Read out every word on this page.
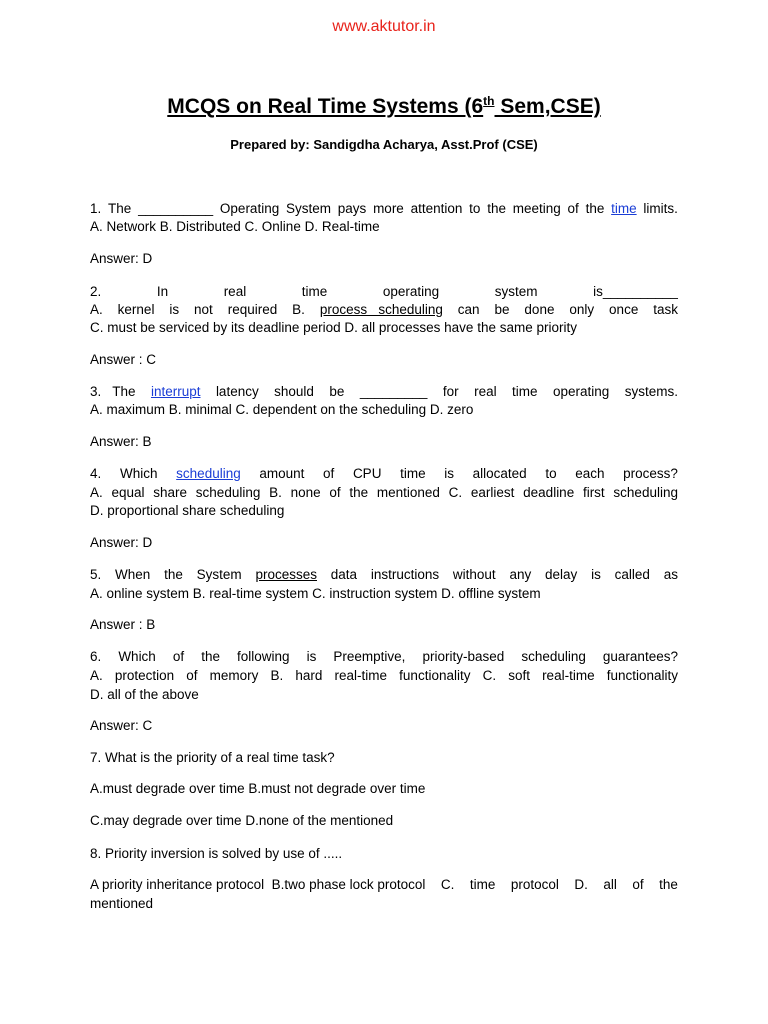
www.aktutor.in
MCQS on Real Time Systems (6th Sem,CSE)
Prepared by: Sandigdha Acharya, Asst.Prof (CSE)
1. The __________ Operating System pays more attention to the meeting of the time limits.
A. Network B. Distributed C. Online D. Real-time
Answer: D
2.	In	real	time	operating	system	is__________
A. kernel is not required B. process   scheduling can be done only once task
C. must be serviced by its deadline period D. all processes have the same priority
Answer : C
3.   The interrupt latency should be _________ for real time operating systems.
A. maximum B. minimal C. dependent on the scheduling D. zero
Answer: B
4.     Which scheduling amount of CPU time is allocated to each process?
A. equal share scheduling B. none of the mentioned C. earliest deadline first scheduling
D. proportional share scheduling
Answer: D
5. When the System processes data instructions without any delay is called as
A. online system B. real-time system C. instruction system D. offline system
Answer : B
6. Which of the following is Preemptive, priority-based scheduling guarantees?
A. protection of memory B. hard real-time functionality C. soft real-time functionality
D. all of the above
Answer: C
7. What is the priority of a real time task?
A.must degrade over time B.must not degrade over time
C.may degrade over time D.none of the mentioned
8. Priority inversion is solved by use of .....
A priority inheritance protocol  B.two phase lock protocol C. time protocol D. all of the
mentioned
